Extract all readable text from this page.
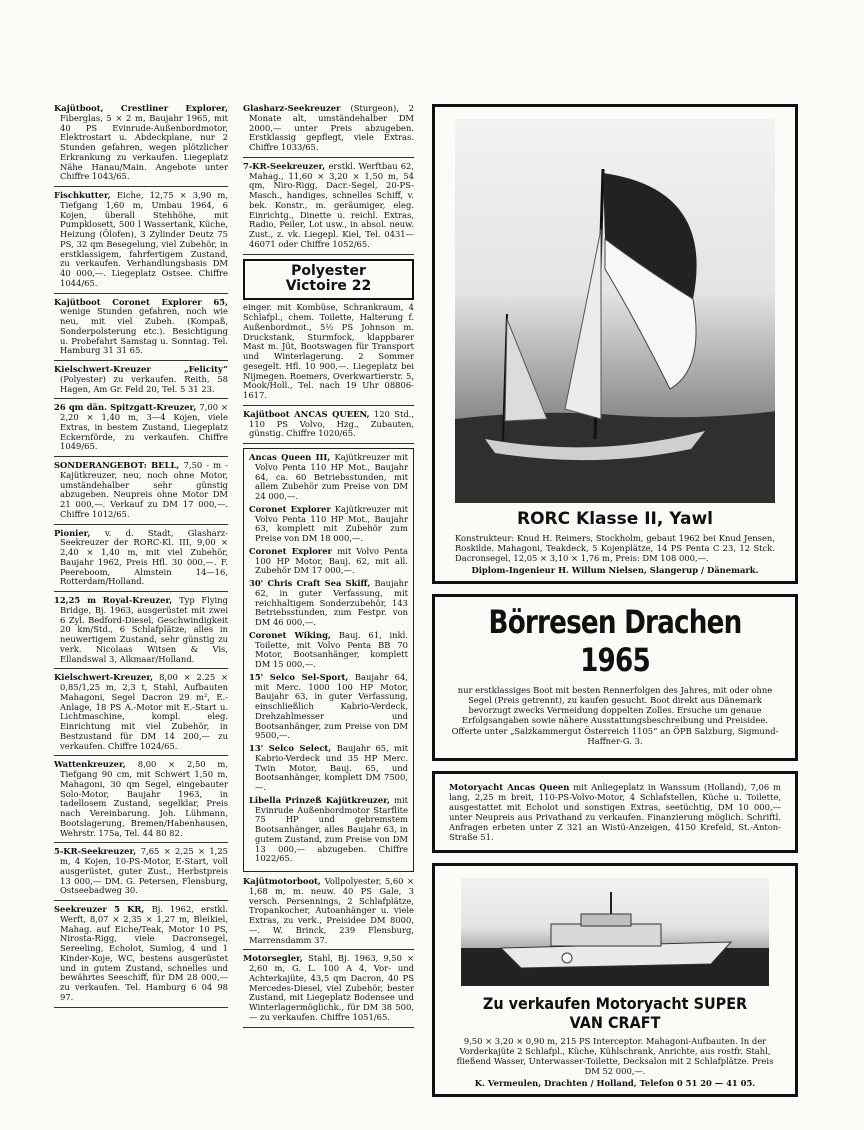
Kajütboot, Crestliner Explorer, Fiberglas, 5 × 2 m, Baujahr 1965, mit 40 PS Evinrude-Außenbordmotor, Elektrostart u. Abdeckplane, nur 2 Stunden gefahren, wegen plötzlicher Erkrankung zu verkaufen. Liegeplatz Nähe Hanau/Main. Angebote unter Chiffre 1043/65.
Fischkutter, Eiche, 12,75 × 3,90 m, Tiefgang 1,60 m, Umbau 1964, 6 Kojen, überall Stehhöhe, mit Pumpklosett, 500 l Wassertank, Küche, Heizung (Ölofen), 3 Zylinder Deutz 75 PS, 32 qm Besegelung, viel Zubehör, in erstklassigem, fahrfertigem Zustand, zu verkaufen. Verhandlungsbasis DM 40 000,—. Liegeplatz Ostsee. Chiffre 1044/65.
Kajütboot Coronet Explorer 65, wenige Stunden gefahren, noch wie neu, mit viel Zubeh. (Kompaß, Sonderpolsterung etc.). Besichtigung u. Probefahrt Samstag u. Sonntag. Tel. Hamburg 31 31 65.
Kielschwert-Kreuzer „Felicity“ (Polyester) zu verkaufen. Reith, 58 Hagen, Am Gr. Feld 20, Tel. 5 31 23.
26 qm dän. Spitzgatt-Kreuzer, 7,00 × 2,20 × 1,40 m, 3—4 Kojen, viele Extras, in bestem Zustand, Liegeplatz Eckernförde, zu verkaufen. Chiffre 1049/65.
SONDERANGEBOT: BELL, 7,50 - m - Kajütkreuzer, neu, noch ohne Motor, umständehalber sehr günstig abzugeben. Neupreis ohne Motor DM 21 000,—. Verkauf zu DM 17 000,—. Chiffre 1012/65.
Pionier, v. d. Stadt, Glasharz-Seekreuzer der RORC-Kl. III, 9,00 × 2,40 × 1,40 m, mit viel Zubehör, Baujahr 1962, Preis Hfl. 30 000,—. F. Peereboom, Almstein 14—16, Rotterdam/Holland.
12,25 m Royal-Kreuzer, Typ Flying Bridge, Bj. 1963, ausgerüstet mit zwei 6 Zyl. Bedford-Diesel, Geschwindigkeit 20 km/Std., 6 Schlafplätze, alles in neuwertigem Zustand, sehr günstig zu verk. Nicolaas Witsen & Vis, Ellandswal 3, Alkmaar/Holland.
Kielschwert-Kreuzer, 8,00 × 2.25 × 0,85/1,25 m, 2,3 t, Stahl, Aufbauten Mahagoni, Segel Dacron 29 m², E.-Anlage, 18 PS A.-Motor mit E.-Start u. Lichtmaschine, kompl. eleg. Einrichtung mit viel Zubehör, in Bestzustand für DM 14 200,— zu verkaufen. Chiffre 1024/65.
Wattenkreuzer, 8,00 × 2,50 m, Tiefgang 90 cm, mit Schwert 1,50 m, Mahagoni, 30 qm Segel, eingebauter Solo-Motor, Baujahr 1963, in tadellosem Zustand, segelklar, Preis nach Vereinbarung. Joh. Lühmann, Bootslagerung, Bremen/Habenhausen, Wehrstr. 175a, Tel. 44 80 82.
5-KR-Seekreuzer, 7,65 × 2,25 × 1,25 m, 4 Kojen, 10-PS-Motor, E-Start, voll ausgerüstet, guter Zust., Herbstpreis 13 000,— DM. G. Petersen, Flensburg, Ostseebadweg 30.
Seekreuzer 5 KR, Bj. 1962, erstkl. Werft, 8,07 × 2,35 × 1,27 m, Bleikiel, Mahag. auf Eiche/Teak, Motor 10 PS, Nirosta-Rigg, viele Dacronsegel, Sereeling, Echolot, Sumlog, 4 und 1 Kinder-Koje, WC, bestens ausgerüstet und in gutem Zustand, schnelles und bewährtes Seeschiff, für DM 28 000,— zu verkaufen. Tel. Hamburg 6 04 98 97.
Glasharz-Seekreuzer (Sturgeon), 2 Monate alt, umständehalber DM 2000,— unter Preis abzugeben. Erstklassig gepflegt, viele Extras. Chiffre 1033/65.
7-KR-Seekreuzer, erstkl. Werftbau 62, Mahag., 11,60 × 3,20 × 1,50 m, 54 qm, Niro-Rigg, Dacr.-Segel, 20-PS-Masch., handiges, schnelles Schiff, v. bek. Konstr., m. geräumiger, eleg. Einrichtg., Dinette u. reichl. Extras, Radio, Peiler, Lot usw., in absol. neuw. Zust., z. vk. Liegepl. Kiel, Tel. 0431—46071 oder Chiffre 1052/65.
Polyester
Victoire 22
einger. mit Kombüse, Schrankraum, 4 Schlafpl., chem. Toilette, Halterung f. Außenbordmot., 5½ PS Johnson m. Druckstank, Sturmfock, klappbarer Mast m. Jüt, Bootswagen für Transport und Winterlagerung. 2 Sommer gesegelt. Hfl. 10 900,—. Liegeplatz bei Nijmegen. Roemers, Overkwartierstr. 5, Mook/Holl., Tel. nach 19 Uhr 08806-1617.
Kajütboot ANCAS QUEEN, 120 Std., 110 PS Volvo, Hzg., Zubauten, günstig. Chiffre 1020/65.
Ancas Queen III, Kajütkreuzer mit Volvo Penta 110 HP Mot., Baujahr 64, ca. 60 Betriebsstunden, mit allem Zubehör zum Preise von DM 24 000,—.
Coronet Explorer Kajütkreuzer mit Volvo Penta 110 HP Mot., Baujahr 63, komplett mit Zubehör zum Preise von DM 18 000,—.
Coronet Explorer mit Volvo Penta 100 HP Motor, Bauj. 62, mit all. Zubehör DM 17 000,—.
30' Chris Craft Sea Skiff, Baujahr 62, in guter Verfassung, mit reichhaltigem Sonderzubehör, 143 Betriebsstunden, zum Festpr. von DM 46 000,—.
Coronet Wiking, Bauj. 61, inkl. Toilette, mit Volvo Penta BB 70 Motor, Bootsanhänger, komplett DM 15 000,—.
15' Selco Sel-Sport, Baujahr 64, mit Merc. 1000 100 HP Motor, Baujahr 63, in guter Verfassung, einschließlich Kabrio-Verdeck, Drehzahlmesser und Bootsanhänger, zum Preise von DM 9500,—.
13' Selco Select, Baujahr 65, mit Kabrio-Verdeck und 35 HP Merc. Twin Motor, Bauj. 65, und Bootsanhänger, komplett DM 7500,—.
Libella Prinzeß Kajütkreuzer, mit Evinrude Außenbordmotor Starflite 75 HP und gebremstem Bootsanhänger, alles Baujahr 63, in gutem Zustand, zum Preise von DM 13 000,— abzugeben. Chiffre 1022/65.
Kajütmotorboot, Vollpolyester, 5,60 × 1,68 m, m. neuw. 40 PS Gale, 3 versch. Persennings, 2 Schlafplätze, Tropankocher, Autoanhänger u. viele Extras, zu verk., Preisidee DM 8000,—. W. Brinck, 239 Flensburg, Marrensdamm 37.
Motorsegler, Stahl, Bj. 1963, 9,50 × 2,60 m, G. L. 100 A 4, Vor- und Achterkajüte, 43,5 qm Dacron, 40 PS Mercedes-Diesel, viel Zubehör, bester Zustand, mit Liegeplatz Bodensee und Winterlagermöglichk., für DM 38 500,— zu verkaufen. Chiffre 1051/65.
RORC Klasse II, Yawl
Konstrukteur: Knud H. Reimers, Stockholm, gebaut 1962 bei Knud Jensen, Roskilde. Mahagoni, Teakdeck, 5 Kojenplätze, 14 PS Penta C 23, 12 Stck. Dacronsegel, 12,05 × 3,10 × 1,76 m, Preis: DM 108 000,—.
Diplom-Ingenieur H. Willum Nielsen, Slangerup / Dänemark.
Börresen Drachen 1965
nur erstklassiges Boot mit besten Rennerfolgen des Jahres, mit oder ohne Segel (Preis getrennt), zu kaufen gesucht. Boot direkt aus Dänemark bevorzugt zwecks Vermeidung doppelten Zolles. Ersuche um genaue Erfolgsangaben sowie nähere Ausstattungsbeschreibung und Preisidee. Offerte unter „Salzkammergut Österreich 1105“ an ÖPB Salzburg, Sigmund-Haffner-G. 3.
Motoryacht Ancas Queen mit Anliegeplatz in Wanssum (Holland), 7,06 m lang, 2,25 m breit, 110-PS-Volvo-Motor, 4 Schlafstellen, Küche u. Toilette, ausgestattet mit Echolot und sonstigen Extras, seetüchtig, DM 10 000,— unter Neupreis aus Privathand zu verkaufen. Finanzierung möglich. Schriftl. Anfragen erbeten unter Z 321 an Wistü-Anzeigen, 4150 Krefeld, St.-Anton-Straße 51.
Zu verkaufen Motoryacht SUPER VAN CRAFT
9,50 × 3,20 × 0,90 m, 215 PS Interceptor. Mahagoni-Aufbauten. In der Vorderkajüte 2 Schlafpl., Küche, Kühlschrank, Anrichte, aus rostfr. Stahl, fließend Wasser, Unterwasser-Toilette, Decksalon mit 2 Schlafplätze. Preis DM 52 000,—.
K. Vermeulen, Drachten / Holland, Telefon 0 51 20 — 41 05.
